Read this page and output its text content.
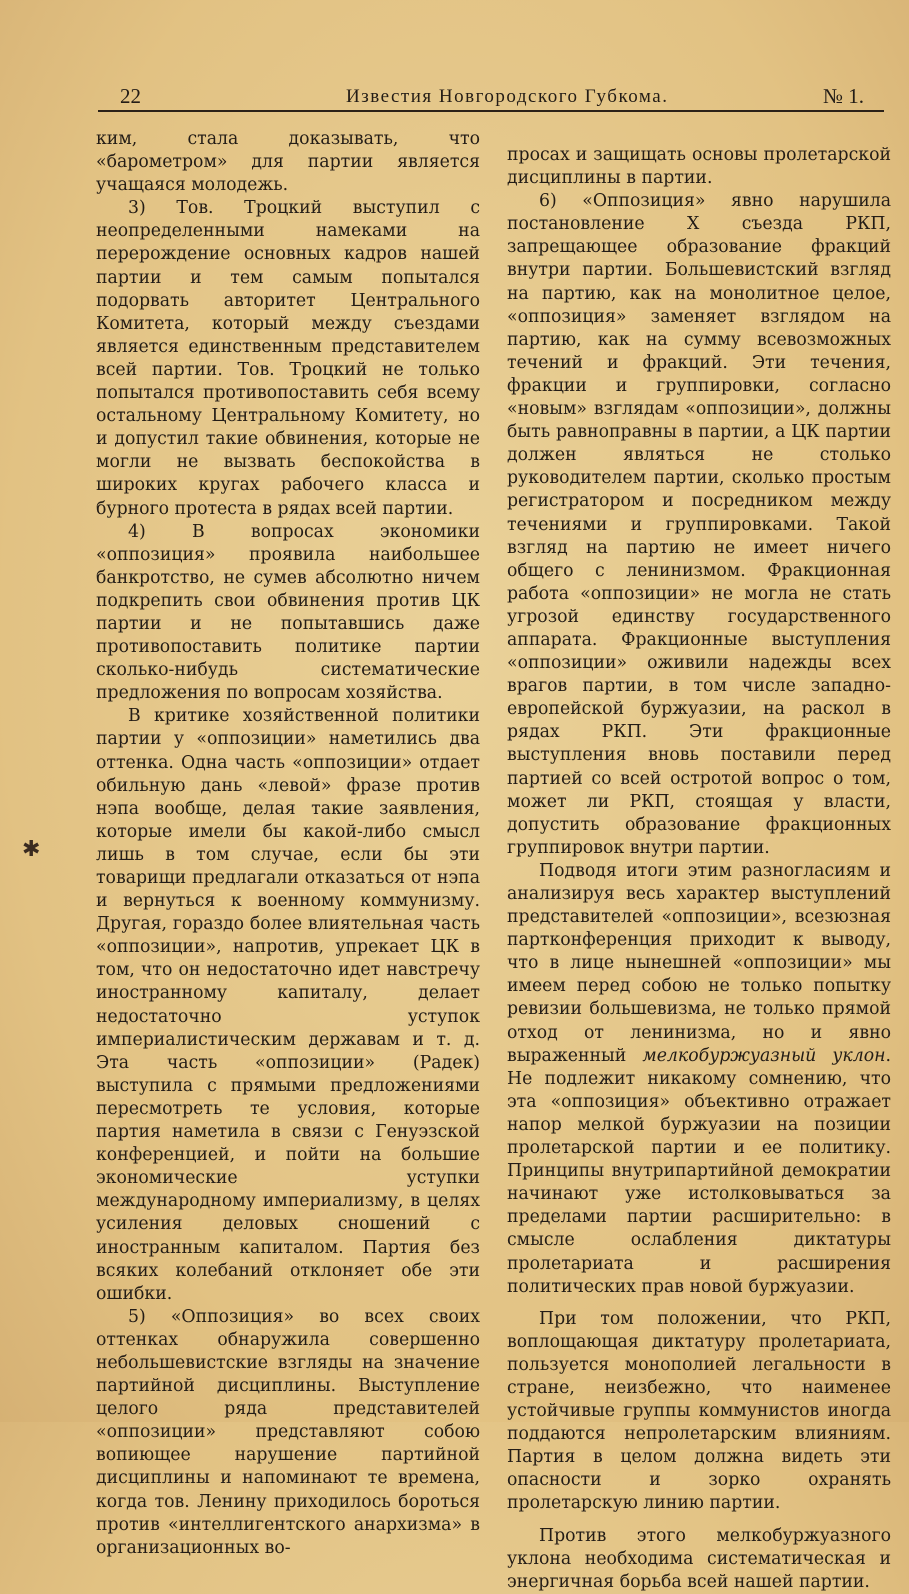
22	Известия Новгородского Губкома.	№ 1.
✱

ким, стала доказывать, что «барометром» для партии является учащаяся молодежь.

3) Тов. Троцкий выступил с неопределенными намеками на перерождение основных кадров нашей партии и тем самым попытался подорвать авторитет Центрального Комитета, который между съездами является единственным представителем всей партии. Тов. Троцкий не только попытался противопоставить себя всему остальному Центральному Комитету, но и допустил такие обвинения, которые не могли не вызвать беспокойства в широких кругах рабочего класса и бурного протеста в рядах всей партии.

4) В вопросах экономики «оппозиция» проявила наибольшее банкротство, не сумев абсолютно ничем подкрепить свои обвинения против ЦК партии и не попытавшись даже противопоставить политике партии сколько-нибудь систематические предложения по вопросам хозяйства.

В критике хозяйственной политики партии у «оппозиции» наметились два оттенка. Одна часть «оппозиции» отдает обильную дань «левой» фразе против нэпа вообще, делая такие заявления, которые имели бы какой-либо смысл лишь в том случае, если бы эти товарищи предлагали отказаться от нэпа и вернуться к военному коммунизму. Другая, гораздо более влиятельная часть «оппозиции», напротив, упрекает ЦК в том, что он недостаточно идет навстречу иностранному капиталу, делает недостаточно уступок империалистическим державам и т. д. Эта часть «оппозиции» (Радек) выступила с прямыми предложениями пересмотреть те условия, которые партия наметила в связи с Генуэзской конференцией, и пойти на большие экономические уступки международному империализму, в целях усиления деловых сношений с иностранным капиталом. Партия без всяких колебаний отклоняет обе эти ошибки.

5) «Оппозиция» во всех своих оттенках обнаружила совершенно небольшевистские взгляды на значение партийной дисциплины. Выступление целого ряда представителей «оппозиции» представляют собою вопиющее нарушение партийной дисциплины и напоминают те времена, когда тов. Ленину приходилось бороться против «интеллигентского анархизма» в организационных во-

просах и защищать основы пролетарской дисциплины в партии.

6) «Оппозиция» явно нарушила постановление X съезда РКП, запрещающее образование фракций внутри партии. Большевистский взгляд на партию, как на монолитное целое, «оппозиция» заменяет взглядом на партию, как на сумму всевозможных течений и фракций. Эти течения, фракции и группировки, согласно «новым» взглядам «оппозиции», должны быть равноправны в партии, а ЦК партии должен являться не столько руководителем партии, сколько простым регистратором и посредником между течениями и группировками. Такой взгляд на партию не имеет ничего общего с ленинизмом. Фракционная работа «оппозиции» не могла не стать угрозой единству государственного аппарата. Фракционные выступления «оппозиции» оживили надежды всех врагов партии, в том числе западно-европейской буржуазии, на раскол в рядах РКП. Эти фракционные выступления вновь поставили перед партией со всей остротой вопрос о том, может ли РКП, стоящая у власти, допустить образование фракционных группировок внутри партии.

Подводя итоги этим разногласиям и анализируя весь характер выступлений представителей «оппозиции», всезюзная партконференция приходит к выводу, что в лице нынешней «оппозиции» мы имеем перед собою не только попытку ревизии большевизма, не только прямой отход от ленинизма, но и явно выраженный мелкобуржуазный уклон. Не подлежит никакому сомнению, что эта «оппозиция» объективно отражает напор мелкой буржуазии на позиции пролетарской партии и ее политику. Принципы внутрипартийной демократии начинают уже истолковываться за пределами партии расширительно: в смысле ослабления диктатуры пролетариата и расширения политических прав новой буржуазии.

При том положении, что РКП, воплощающая диктатуру пролетариата, пользуется монополией легальности в стране, неизбежно, что наименее устойчивые группы коммунистов иногда поддаются непролетарским влияниям. Партия в целом должна видеть эти опасности и зорко охранять пролетарскую линию партии.

Против этого мелкобуржуазного уклона необходима систематическая и энергичная борьба всей нашей партии.
